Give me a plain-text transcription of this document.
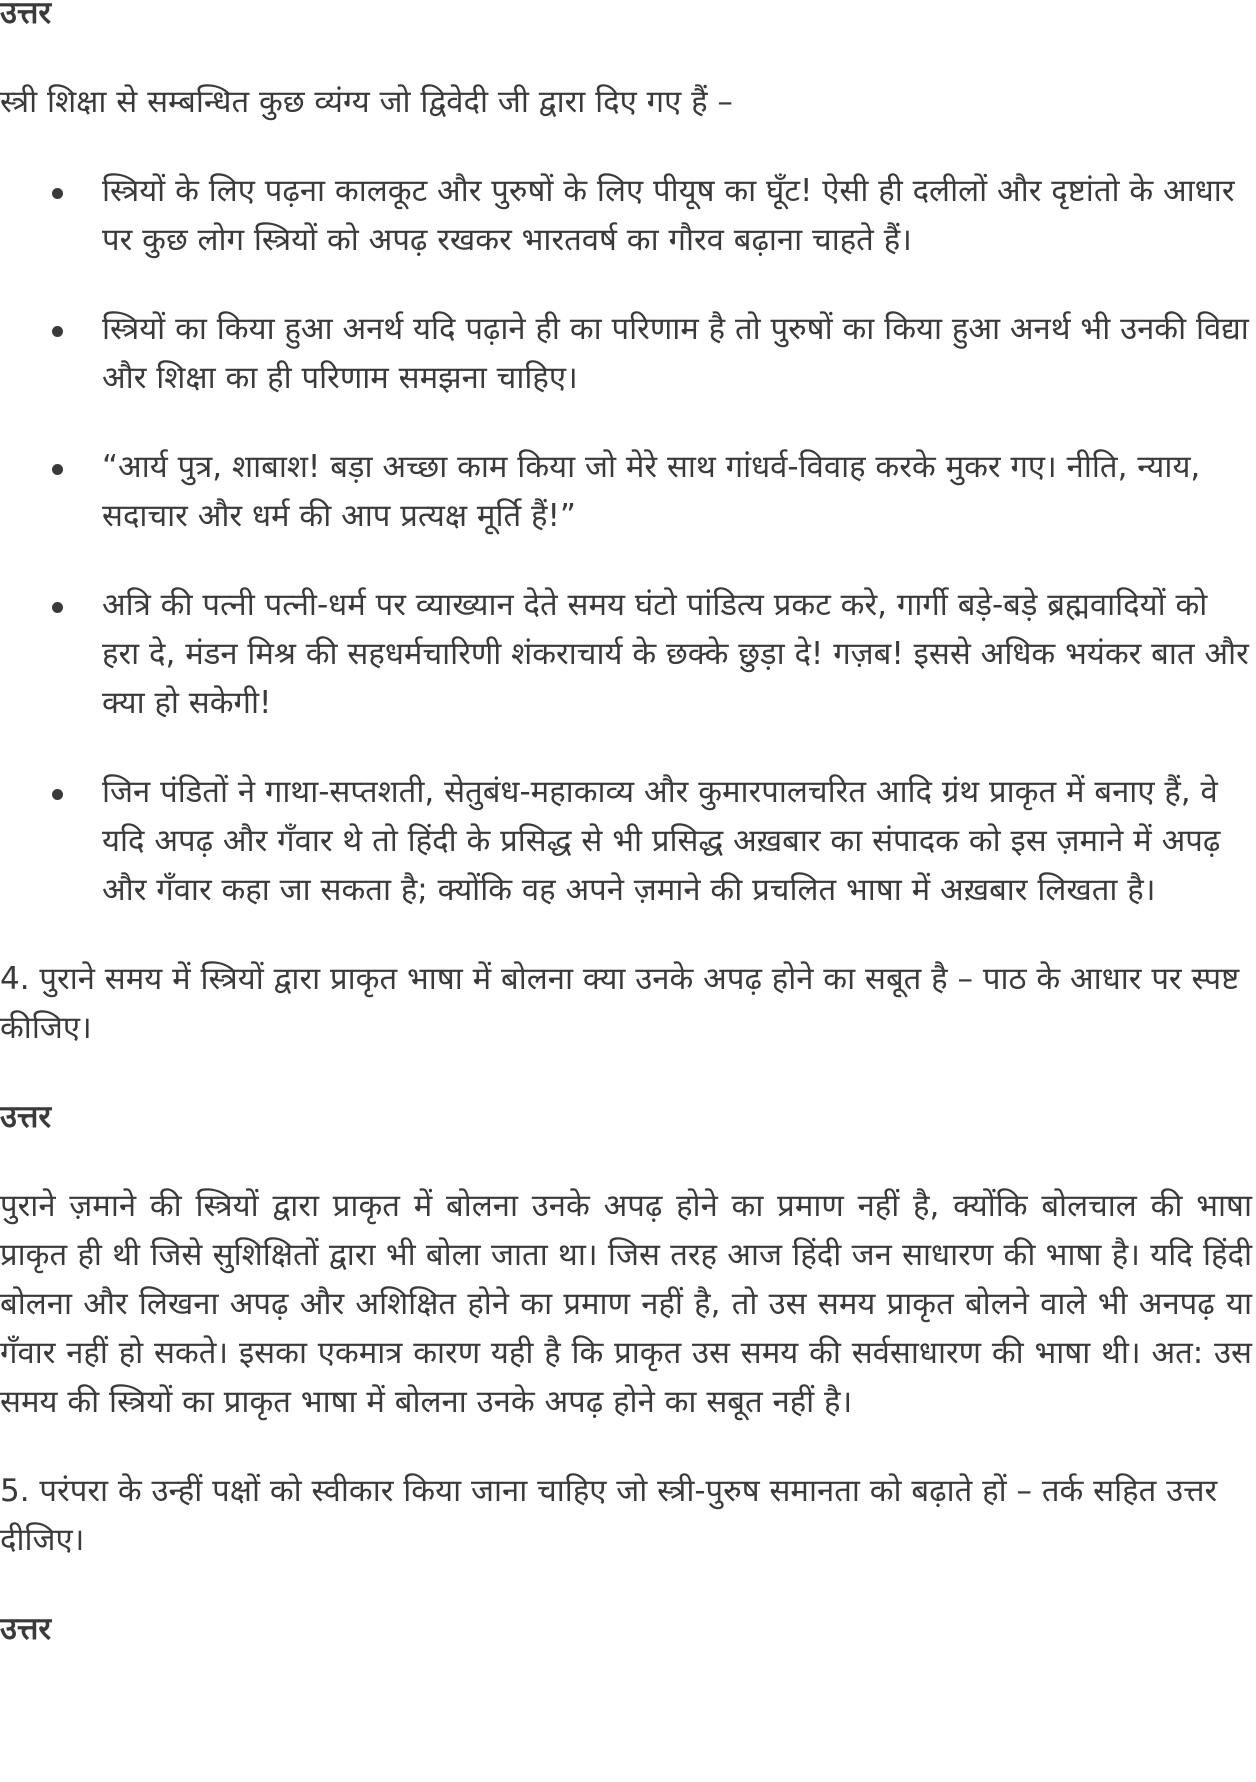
उत्तर

स्त्री शिक्षा से सम्बन्धित कुछ व्यंग्य जो द्विवेदी जी द्वारा दिए गए हैं –

स्त्रियों के लिए पढ़ना कालकूट और पुरुषों के लिए पीयूष का घूँट! ऐसी ही दलीलों और दृष्टांतो के आधार पर कुछ लोग स्त्रियों को अपढ़ रखकर भारतवर्ष का गौरव बढ़ाना चाहते हैं।
स्त्रियों का किया हुआ अनर्थ यदि पढ़ाने ही का परिणाम है तो पुरुषों का किया हुआ अनर्थ भी उनकी विद्या और शिक्षा का ही परिणाम समझना चाहिए।
“आर्य पुत्र, शाबाश! बड़ा अच्छा काम किया जो मेरे साथ गांधर्व-विवाह करके मुकर गए। नीति, न्याय, सदाचार और धर्म की आप प्रत्यक्ष मूर्ति हैं!”
अत्रि की पत्नी पत्नी-धर्म पर व्याख्यान देते समय घंटो पांडित्य प्रकट करे, गार्गी बड़े-बड़े ब्रह्मवादियों को हरा दे, मंडन मिश्र की सहधर्मचारिणी शंकराचार्य के छक्के छुड़ा दे! गज़ब! इससे अधिक भयंकर बात और क्या हो सकेगी!
जिन पंडितों ने गाथा-सप्तशती, सेतुबंध-महाकाव्य और कुमारपालचरित आदि ग्रंथ प्राकृत में बनाए हैं, वे यदि अपढ़ और गँवार थे तो हिंदी के प्रसिद्ध से भी प्रसिद्ध अख़बार का संपादक को इस ज़माने में अपढ़ और गँवार कहा जा सकता है; क्योंकि वह अपने ज़माने की प्रचलित भाषा में अख़बार लिखता है।

4. पुराने समय में स्त्रियों द्वारा प्राकृत भाषा में बोलना क्या उनके अपढ़ होने का सबूत है – पाठ के आधार पर स्पष्ट कीजिए।

उत्तर

पुराने ज़माने की स्त्रियों द्वारा प्राकृत में बोलना उनके अपढ़ होने का प्रमाण नहीं है, क्योंकि बोलचाल की भाषा प्राकृत ही थी जिसे सुशिक्षितों द्वारा भी बोला जाता था। जिस तरह आज हिंदी जन साधारण की भाषा है। यदि हिंदी बोलना और लिखना अपढ़ और अशिक्षित होने का प्रमाण नहीं है, तो उस समय प्राकृत बोलने वाले भी अनपढ़ या गँवार नहीं हो सकते। इसका एकमात्र कारण यही है कि प्राकृत उस समय की सर्वसाधारण की भाषा थी। अत: उस समय की स्त्रियों का प्राकृत भाषा में बोलना उनके अपढ़ होने का सबूत नहीं है।

5. परंपरा के उन्हीं पक्षों को स्वीकार किया जाना चाहिए जो स्त्री-पुरुष समानता को बढ़ाते हों – तर्क सहित उत्तर दीजिए।

उत्तर
